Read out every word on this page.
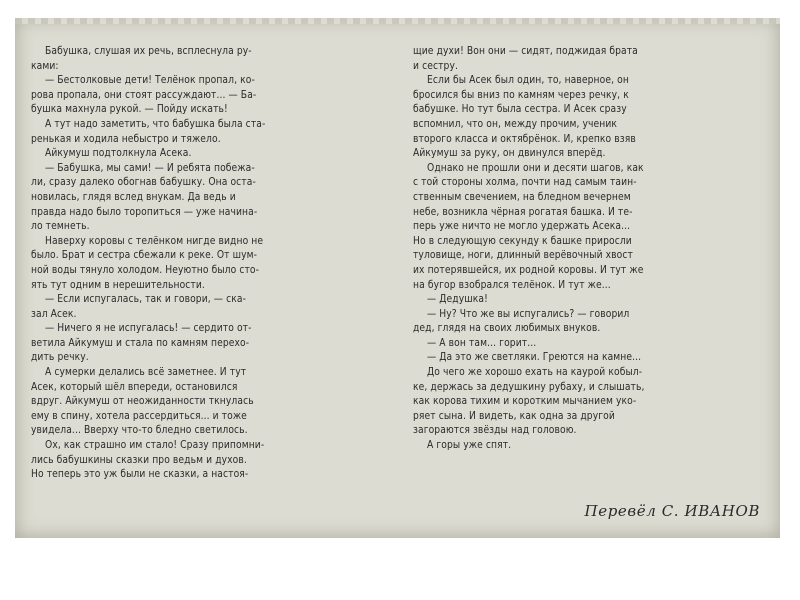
Бабушка, слушая их речь, всплеснула ру-
ками:
— Бестолковые дети! Телёнок пропал, ко-
рова пропала, они стоят рассуждают... — Ба-
бушка махнула рукой. — Пойду искать!
А тут надо заметить, что бабушка была ста-
ренькая и ходила небыстро и тяжело.
Айкумуш подтолкнула Асека.
— Бабушка, мы сами! — И ребята побежа-
ли, сразу далеко обогнав бабушку. Она оста-
новилась, глядя вслед внукам. Да ведь и
правда надо было торопиться — уже начина-
ло темнеть.
Наверху коровы с телёнком нигде видно не
было. Брат и сестра сбежали к реке. От шум-
ной воды тянуло холодом. Неуютно было сто-
ять тут одним в нерешительности.
— Если испугалась, так и говори, — ска-
зал Асек.
— Ничего я не испугалась! — сердито от-
ветила Айкумуш и стала по камням перехо-
дить речку.
А сумерки делались всё заметнее. И тут
Асек, который шёл впереди, остановился
вдруг. Айкумуш от неожиданности ткнулась
ему в спину, хотела рассердиться... и тоже
увидела... Вверху что-то бледно светилось.
Ох, как страшно им стало! Сразу припомни-
лись бабушкины сказки про ведьм и духов.
Но теперь это уж были не сказки, а настоя-
щие духи! Вон они — сидят, поджидая брата
и сестру.
Если бы Асек был один, то, наверное, он
бросился бы вниз по камням через речку, к
бабушке. Но тут была сестра. И Асек сразу
вспомнил, что он, между прочим, ученик
второго класса и октябрёнок. И, крепко взяв
Айкумуш за руку, он двинулся вперёд.
Однако не прошли они и десяти шагов, как
с той стороны холма, почти над самым таин-
ственным свечением, на бледном вечернем
небе, возникла чёрная рогатая башка. И те-
перь уже ничто не могло удержать Асека...
Но в следующую секунду к башке приросли
туловище, ноги, длинный верёвочный хвост
их потерявшейся, их родной коровы. И тут же
на бугор взобрался телёнок. И тут же...
— Дедушка!
— Ну? Что же вы испугались? — говорил
дед, глядя на своих любимых внуков.
— А вон там... горит...
— Да это же светляки. Греются на камне...
До чего же хорошо ехать на каурой кобыл-
ке, держась за дедушкину рубаху, и слышать,
как корова тихим и коротким мычанием уко-
ряет сына. И видеть, как одна за другой
загораются звёзды над головою.
А горы уже спят.
Перевёл С. ИВАНОВ
